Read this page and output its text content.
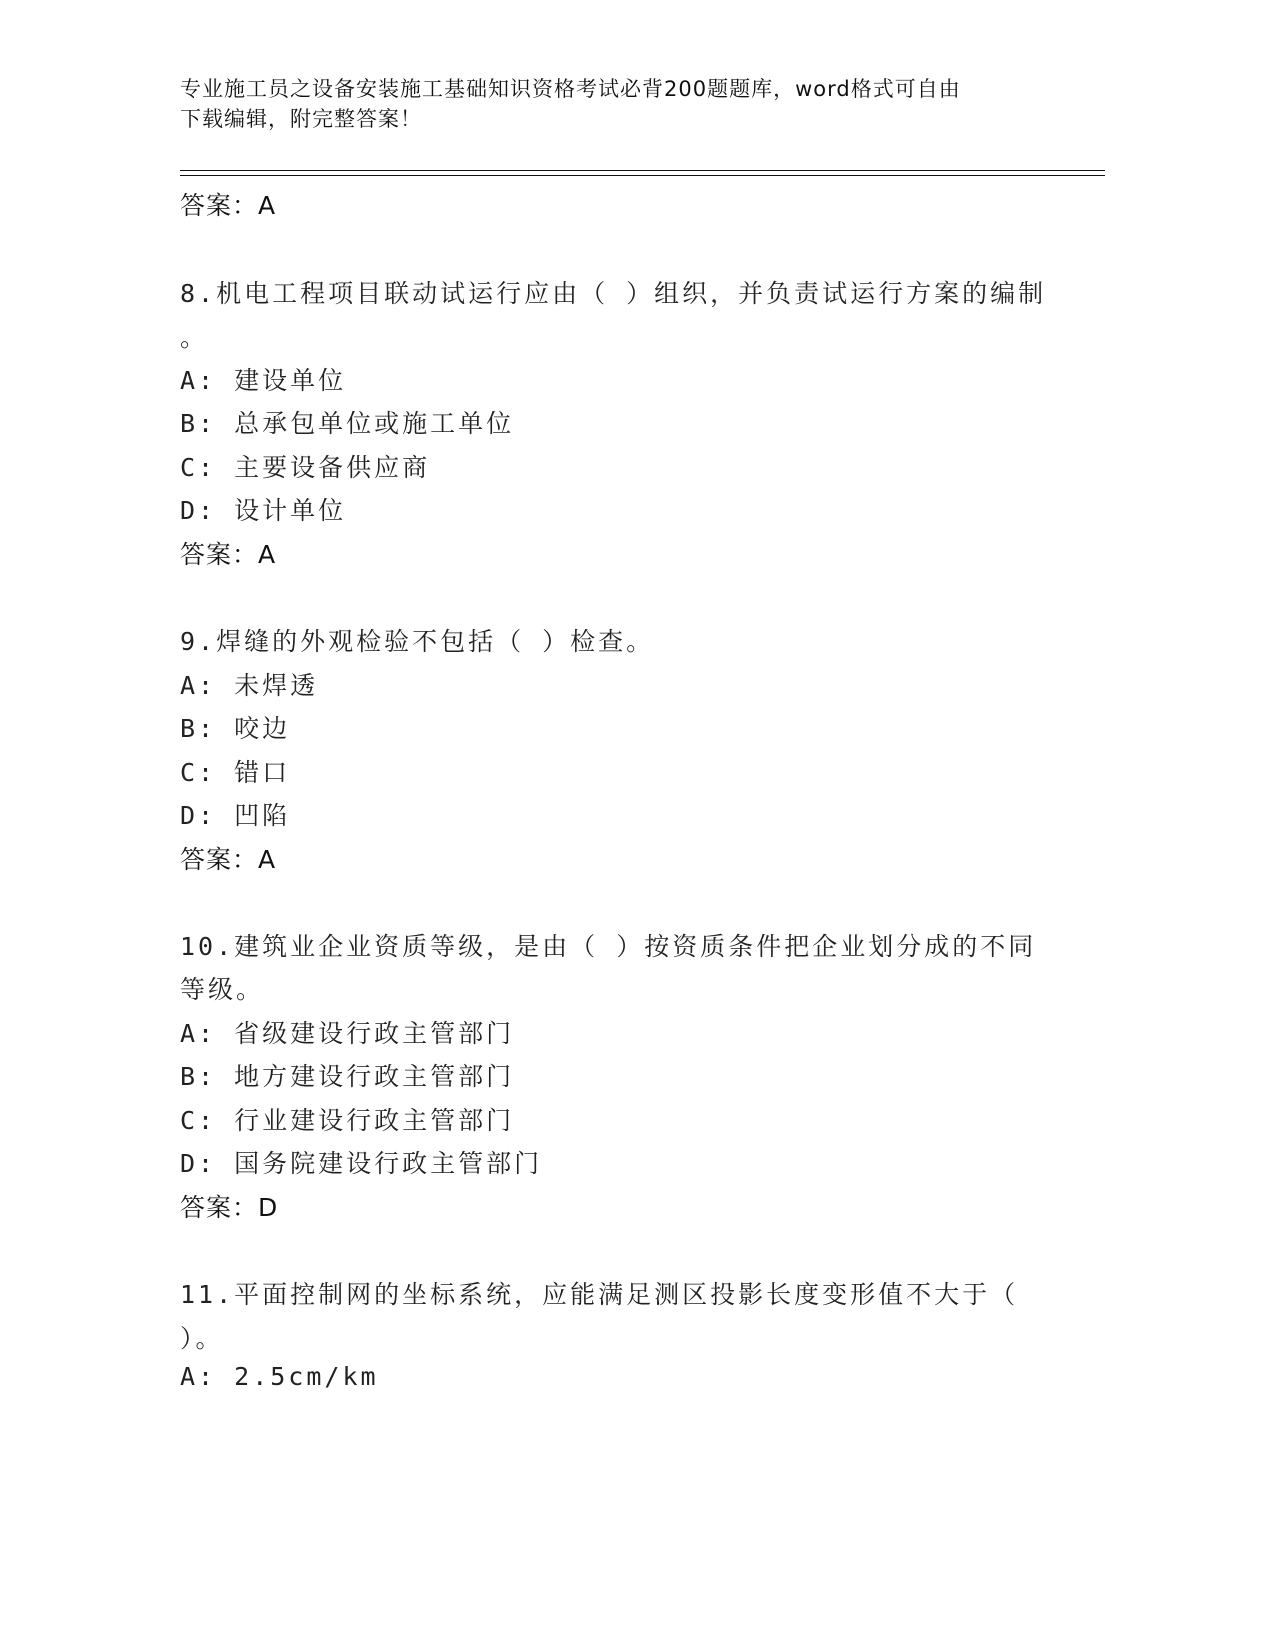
专业施工员之设备安装施工基础知识资格考试必背200题题库，word格式可自由
下载编辑，附完整答案！
答案：A
8.机电工程项目联动试运行应由（ ）组织，并负责试运行方案的编制
。
A: 建设单位
B: 总承包单位或施工单位
C: 主要设备供应商
D: 设计单位
答案：A
9.焊缝的外观检验不包括（ ）检查。
A: 未焊透
B: 咬边
C: 错口
D: 凹陷
答案：A
10.建筑业企业资质等级，是由（ ）按资质条件把企业划分成的不同
等级。
A: 省级建设行政主管部门
B: 地方建设行政主管部门
C: 行业建设行政主管部门
D: 国务院建设行政主管部门
答案：D
11.平面控制网的坐标系统，应能满足测区投影长度变形值不大于（
）。
A: 2.5cm/km
